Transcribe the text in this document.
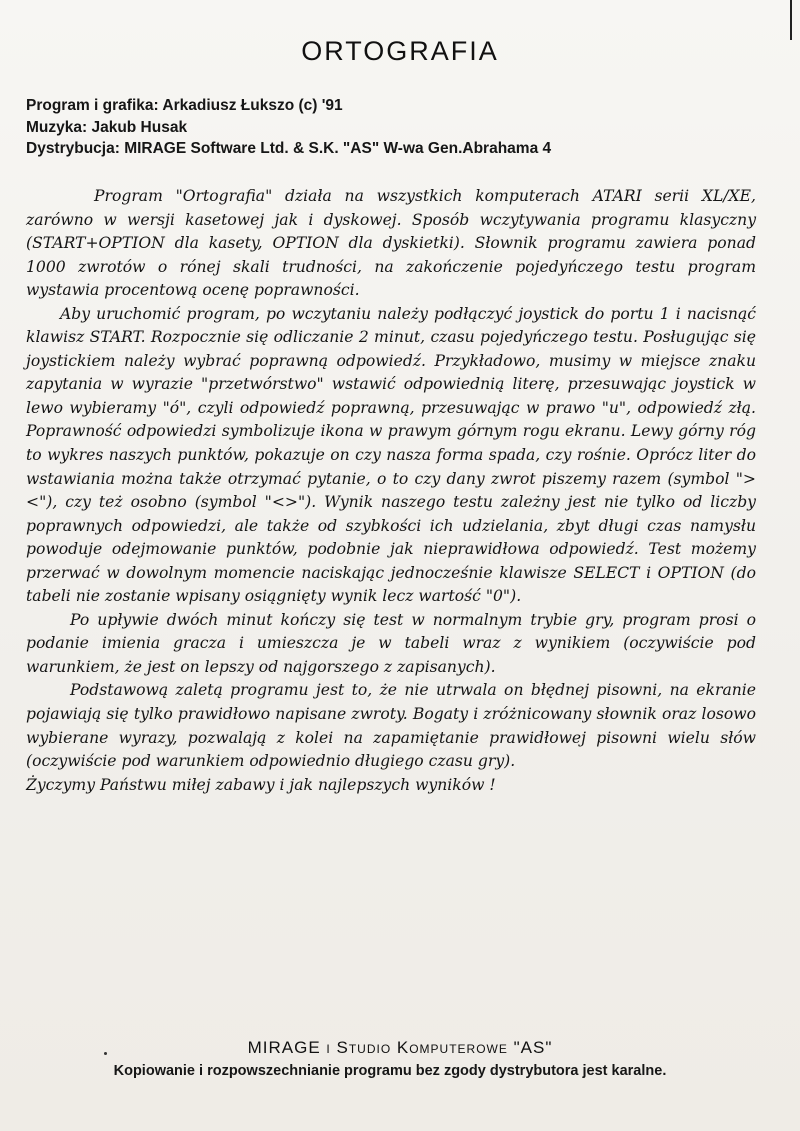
ORTOGRAFIA
Program i grafika: Arkadiusz Łukszo (c) '91
Muzyka: Jakub Husak
Dystrybucja: MIRAGE Software Ltd. & S.K. "AS" W-wa Gen.Abrahama 4

Program "Ortografia" działa na wszystkich komputerach ATARI serii XL/XE, zarówno w wersji kasetowej jak i dyskowej. Sposób wczytywania programu klasyczny (START+OPTION dla kasety, OPTION dla dyskietki). Słownik programu zawiera ponad 1000 zwrotów o rónej skali trudności, na zakończenie pojedyńczego testu program wystawia procentową ocenę poprawności.

Aby uruchomić program, po wczytaniu należy podłączyć joystick do portu 1 i nacisnąć klawisz START. Rozpocznie się odliczanie 2 minut, czasu pojedyńczego testu. Posługując się joystickiem należy wybrać poprawną odpowiedź. Przykładowo, musimy w miejsce znaku zapytania w wyrazie "przetwórstwo" wstawić odpowiednią literę, przesuwając joystick w lewo wybieramy "ó", czyli odpowiedź poprawną, przesuwając w prawo "u", odpowiedź złą. Poprawność odpowiedzi symbolizuje ikona w prawym górnym rogu ekranu. Lewy górny róg to wykres naszych punktów, pokazuje on czy nasza forma spada, czy rośnie. Oprócz liter do wstawiania można także otrzymać pytanie, o to czy dany zwrot piszemy razem (symbol "><"), czy też osobno (symbol "<>"). Wynik naszego testu zależny jest nie tylko od liczby poprawnych odpowiedzi, ale także od szybkości ich udzielania, zbyt długi czas namysłu powoduje odejmowanie punktów, podobnie jak nieprawidłowa odpowiedź. Test możemy przerwać w dowolnym momencie naciskając jednocześnie klawisze SELECT i OPTION (do tabeli nie zostanie wpisany osiągnięty wynik lecz wartość "0").

Po upływie dwóch minut kończy się test w normalnym trybie gry, program prosi o podanie imienia gracza i umieszcza je w tabeli wraz z wynikiem (oczywiście pod warunkiem, że jest on lepszy od najgorszego z zapisanych).

Podstawową zaletą programu jest to, że nie utrwala on błędnej pisowni, na ekranie pojawiają się tylko prawidłowo napisane zwroty. Bogaty i zróżnicowany słownik oraz losowo wybierane wyrazy, pozwalają z kolei na zapamiętanie prawidłowej pisowni wielu słów (oczywiście pod warunkiem odpowiednio długiego czasu gry).

Życzymy Państwu miłej zabawy i jak najlepszych wyników !

MIRAGE i Studio Komputerowe "AS"
Kopiowanie i rozpowszechnianie programu bez zgody dystrybutora jest karalne.
